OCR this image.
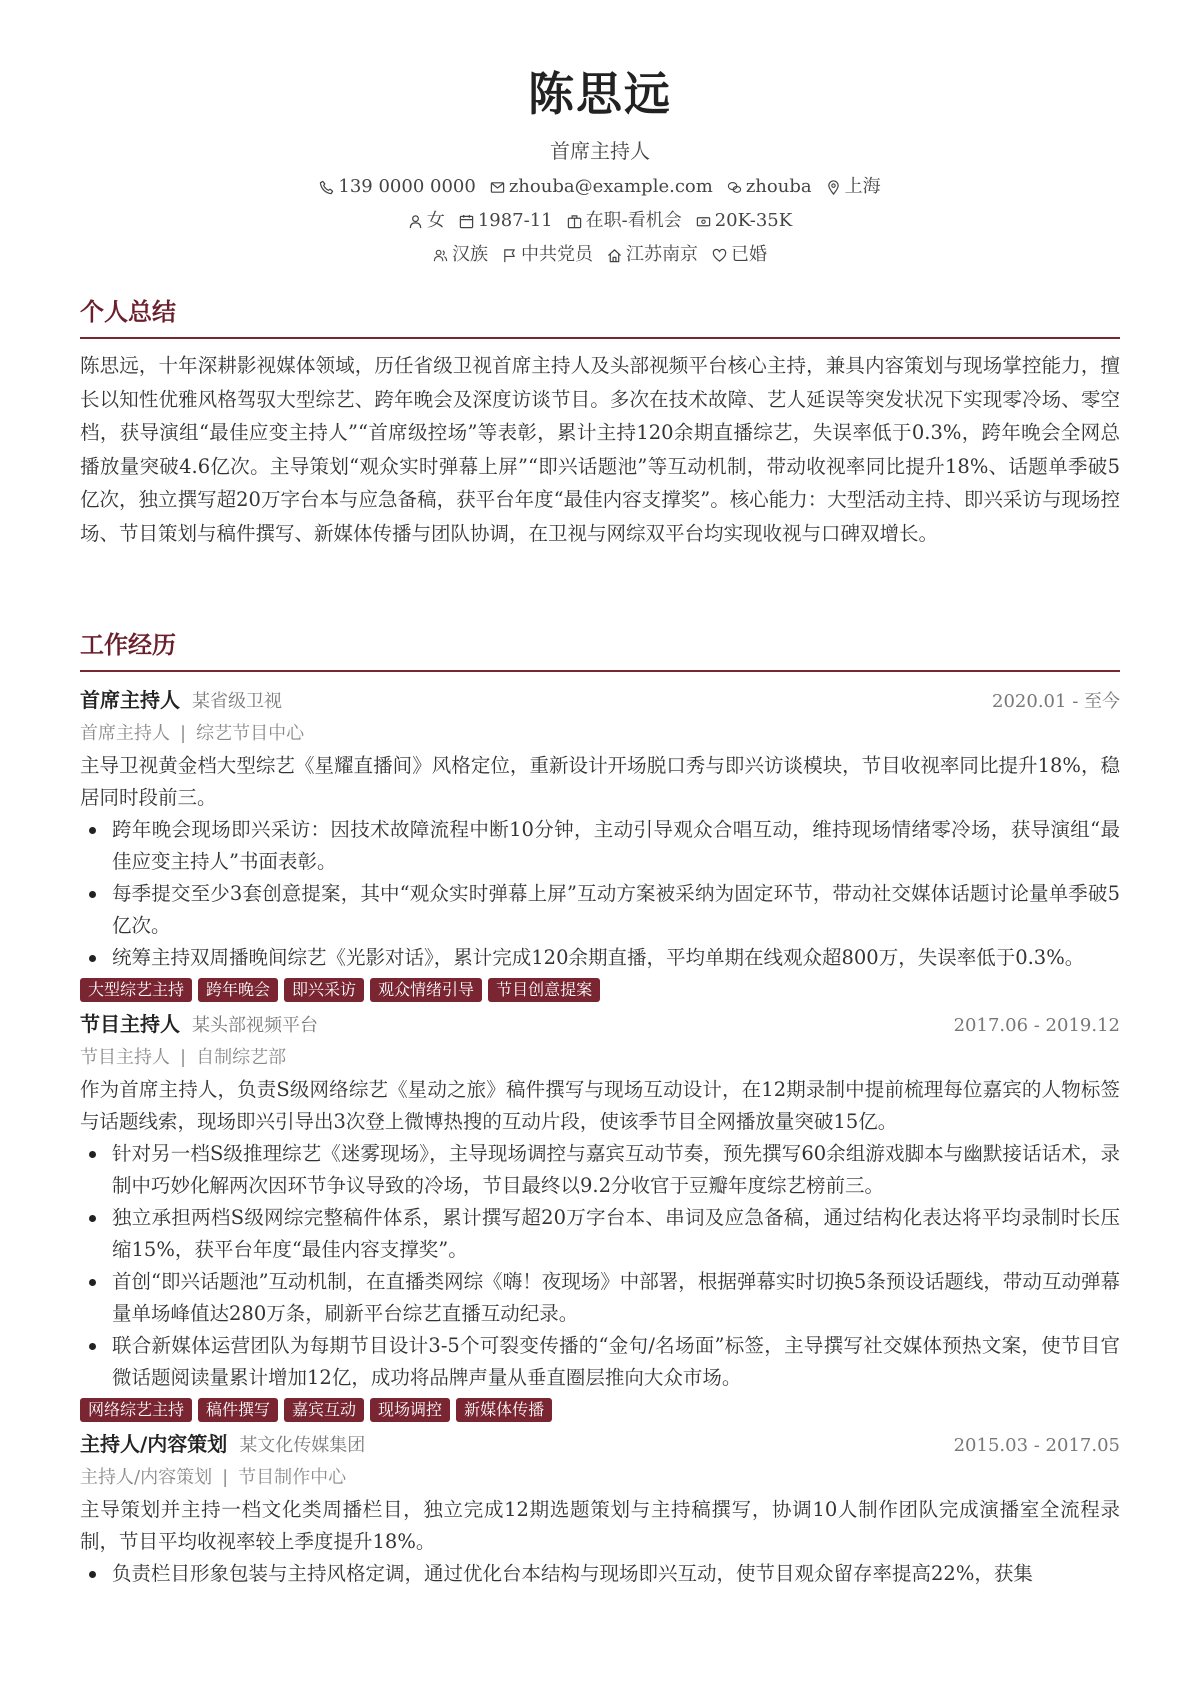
陈思远
首席主持人
139 0000 0000 zhouba@example.com zhouba 上海
女 1987-11 在职-看机会 20K-35K
汉族 中共党员 江苏南京 已婚
个人总结
陈思远，十年深耕影视媒体领域，历任省级卫视首席主持人及头部视频平台核心主持，兼具内容策划与现场掌控能力，擅长以知性优雅风格驾驭大型综艺、跨年晚会及深度访谈节目。多次在技术故障、艺人延误等突发状况下实现零冷场、零空档，获导演组“最佳应变主持人”“首席级控场”等表彰，累计主持120余期直播综艺，失误率低于0.3%，跨年晚会全网总播放量突破4.6亿次。主导策划“观众实时弹幕上屏”“即兴话题池”等互动机制，带动收视率同比提升18%、话题单季破5亿次，独立撰写超20万字台本与应急备稿，获平台年度“最佳内容支撑奖”。核心能力：大型活动主持、即兴采访与现场控场、节目策划与稿件撰写、新媒体传播与团队协调，在卫视与网综双平台均实现收视与口碑双增长。
工作经历
首席主持人 某省级卫视	2020.01 - 至今
首席主持人 | 综艺节目中心
主导卫视黄金档大型综艺《星耀直播间》风格定位，重新设计开场脱口秀与即兴访谈模块，节目收视率同比提升18%，稳居同时段前三。
跨年晚会现场即兴采访：因技术故障流程中断10分钟，主动引导观众合唱互动，维持现场情绪零冷场，获导演组“最佳应变主持人”书面表彰。
每季提交至少3套创意提案，其中“观众实时弹幕上屏”互动方案被采纳为固定环节，带动社交媒体话题讨论量单季破5亿次。
统筹主持双周播晚间综艺《光影对话》，累计完成120余期直播，平均单期在线观众超800万，失误率低于0.3%。
大型综艺主持	跨年晚会	即兴采访	观众情绪引导	节目创意提案
节目主持人 某头部视频平台	2017.06 - 2019.12
节目主持人 | 自制综艺部
作为首席主持人，负责S级网络综艺《星动之旅》稿件撰写与现场互动设计，在12期录制中提前梳理每位嘉宾的人物标签与话题线索，现场即兴引导出3次登上微博热搜的互动片段，使该季节目全网播放量突破15亿。
针对另一档S级推理综艺《迷雾现场》，主导现场调控与嘉宾互动节奏，预先撰写60余组游戏脚本与幽默接话话术，录制中巧妙化解两次因环节争议导致的冷场，节目最终以9.2分收官于豆瓣年度综艺榜前三。
独立承担两档S级网综完整稿件体系，累计撰写超20万字台本、串词及应急备稿，通过结构化表达将平均录制时长压缩15%，获平台年度“最佳内容支撑奖”。
首创“即兴话题池”互动机制，在直播类网综《嗨！夜现场》中部署，根据弹幕实时切换5条预设话题线，带动互动弹幕量单场峰值达280万条，刷新平台综艺直播互动纪录。
联合新媒体运营团队为每期节目设计3-5个可裂变传播的“金句/名场面”标签，主导撰写社交媒体预热文案，使节目官微话题阅读量累计增加12亿，成功将品牌声量从垂直圈层推向大众市场。
网络综艺主持	稿件撰写	嘉宾互动	现场调控	新媒体传播
主持人/内容策划 某文化传媒集团	2015.03 - 2017.05
主持人/内容策划 | 节目制作中心
主导策划并主持一档文化类周播栏目，独立完成12期选题策划与主持稿撰写，协调10人制作团队完成演播室全流程录制，节目平均收视率较上季度提升18%。
负责栏目形象包装与主持风格定调，通过优化台本结构与现场即兴互动，使节目观众留存率提高22%，获集
